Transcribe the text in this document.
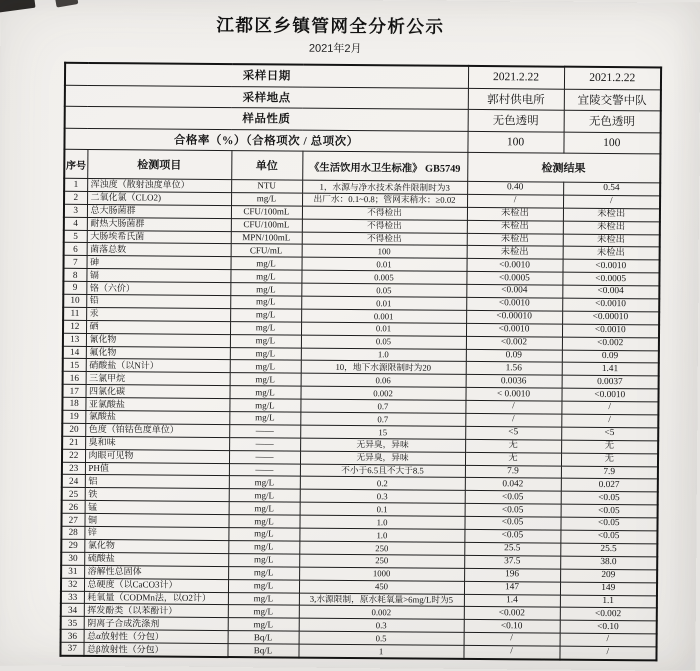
江都区乡镇管网全分析公示
2021年2月
采样日期				2021.2.22	2021.2.22
采样地点				郭村供电所	宜陵交警中队
样品性质				无色透明	无色透明
合格率（%）（合格项次 / 总项次）				100	100
序号	检测项目	单位	《生活饮用水卫生标准》 GB5749	检测结果	
1	浑浊度（散射浊度单位）	NTU	1，水源与净水技术条件限制时为3	0.40	0.54
2	二氧化氯（CLO2)	mg/L	出厂水：0.1~0.8；管网末稍水：≥0.02	/	/
3	总大肠菌群	CFU/100mL	不得检出	未检出	未检出
4	耐热大肠菌群	CFU/100mL	不得检出	未检出	未检出
5	大肠埃希氏菌	MPN/100mL	不得检出	未检出	未检出
6	菌落总数	CFU/mL	100	未检出	未检出
7	砷	mg/L	0.01	<0.0010	<0.0010
8	镉	mg/L	0.005	<0.0005	<0.0005
9	铬（六价）	mg/L	0.05	<0.004	<0.004
10	铅	mg/L	0.01	<0.0010	<0.0010
11	汞	mg/L	0.001	<0.00010	<0.00010
12	硒	mg/L	0.01	<0.0010	<0.0010
13	氰化物	mg/L	0.05	<0.002	<0.002
14	氟化物	mg/L	1.0	0.09	0.09
15	硝酸盐（以N计）	mg/L	10，地下水源限制时为20	1.56	1.41
16	三氯甲烷	mg/L	0.06	0.0036	0.0037
17	四氯化碳	mg/L	0.002	< 0.0010	<0.0010
18	亚氯酸盐	mg/L	0.7	/	/
19	氯酸盐	mg/L	0.7	/	/
20	色度（铂钴色度单位）	——	15	<5	<5
21	臭和味	——	无异臭，异味	无	无
22	肉眼可见物	——	无异臭，异味	无	无
23	PH值	——	不小于6.5且不大于8.5	7.9	7.9
24	铝	mg/L	0.2	0.042	0.027
25	铁	mg/L	0.3	<0.05	<0.05
26	锰	mg/L	0.1	<0.05	<0.05
27	铜	mg/L	1.0	<0.05	<0.05
28	锌	mg/L	1.0	<0.05	<0.05
29	氯化物	mg/L	250	25.5	25.5
30	硫酸盐	mg/L	250	37.5	38.0
31	溶解性总固体	mg/L	1000	196	209
32	总硬度（以CaCO3计）	mg/L	450	147	149
33	耗氧量（CODMn法，以O2计）	mg/L	3,水源限制，原水耗氧量>6mg/L时为5	1.4	1.1
34	挥发酚类（以苯酚计）	mg/L	0.002	<0.002	<0.002
35	阴离子合成洗涤剂	mg/L	0.3	<0.10	<0.10
36	总α放射性（分包）	Bq/L	0.5	/	/
37	总β放射性（分包）	Bq/L	1	/	/
